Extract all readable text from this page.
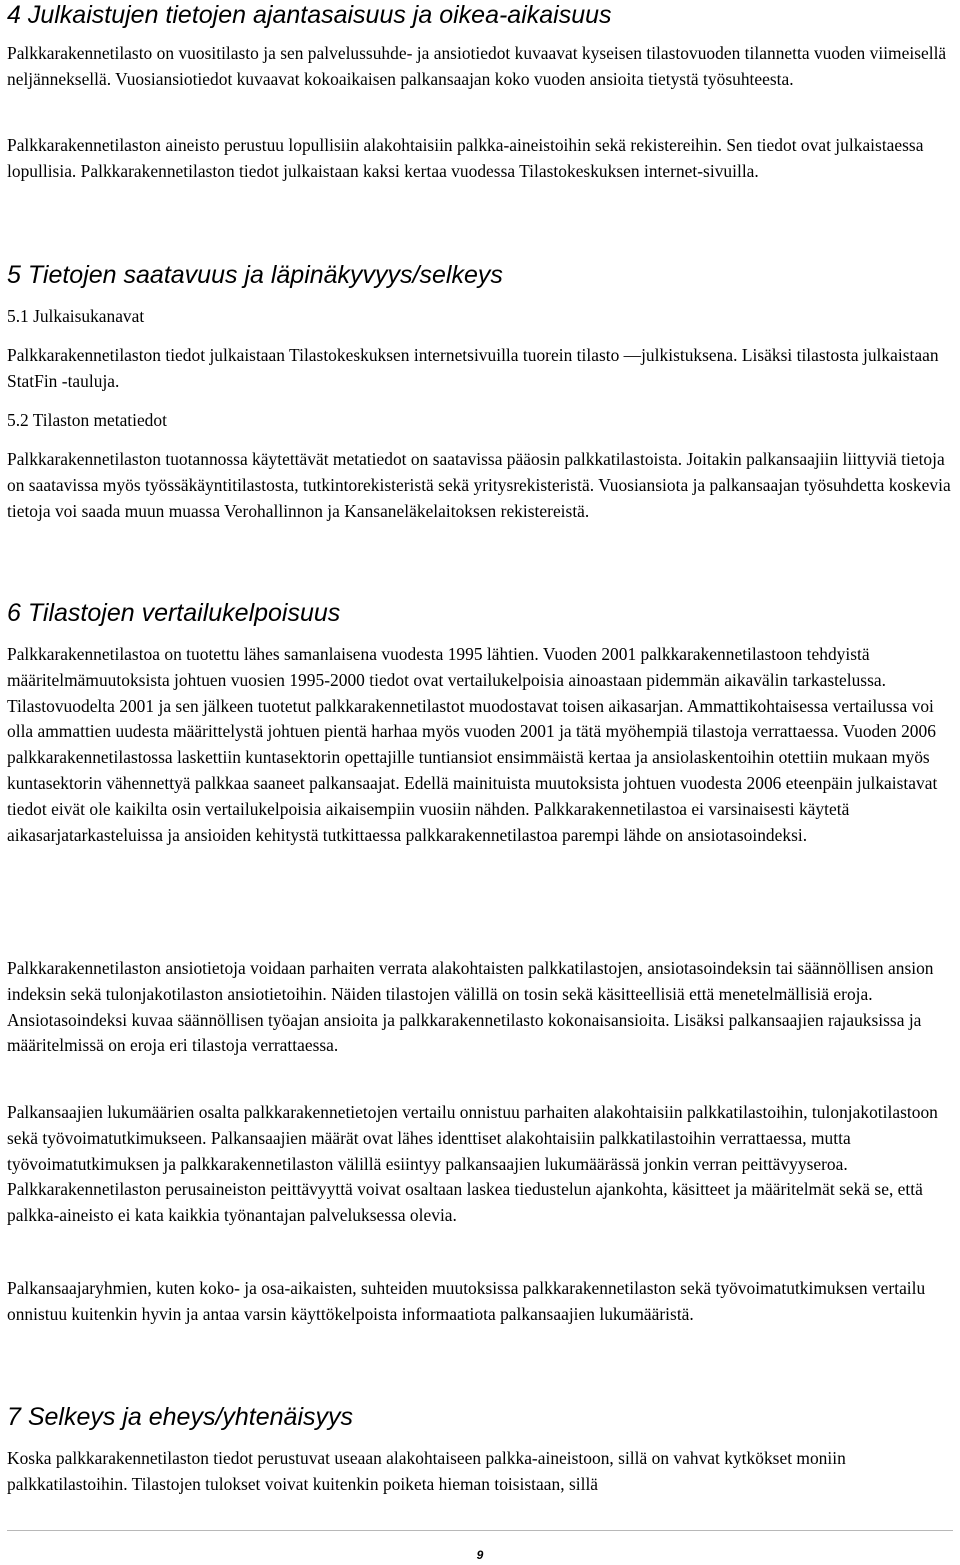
4 Julkaistujen tietojen ajantasaisuus ja oikea-aikaisuus

Palkkarakennetilasto on vuositilasto ja sen palvelussuhde- ja ansiotiedot kuvaavat kyseisen tilastovuoden tilannetta vuoden viimeisellä neljänneksellä. Vuosiansiotiedot kuvaavat kokoaikaisen palkansaajan koko vuoden ansioita tietystä työsuhteesta.

Palkkarakennetilaston aineisto perustuu lopullisiin alakohtaisiin palkka-aineistoihin sekä rekistereihin. Sen tiedot ovat julkaistaessa lopullisia. Palkkarakennetilaston tiedot julkaistaan kaksi kertaa vuodessa Tilastokeskuksen internet-sivuilla.

5 Tietojen saatavuus ja läpinäkyvyys/selkeys
5.1 Julkaisukanavat

Palkkarakennetilaston tiedot julkaistaan Tilastokeskuksen internetsivuilla tuorein tilasto —julkistuksena. Lisäksi tilastosta julkaistaan StatFin -tauluja.

5.2 Tilaston metatiedot

Palkkarakennetilaston tuotannossa käytettävät metatiedot on saatavissa pääosin palkkatilastoista. Joitakin palkansaajiin liittyviä tietoja on saatavissa myös työssäkäyntitilastosta, tutkintorekisteristä sekä yritysrekisteristä. Vuosiansiota ja palkansaajan työsuhdetta koskevia tietoja voi saada muun muassa Verohallinnon ja Kansaneläkelaitoksen rekistereistä.

6 Tilastojen vertailukelpoisuus

Palkkarakennetilastoa on tuotettu lähes samanlaisena vuodesta 1995 lähtien. Vuoden 2001 palkkarakennetilastoon tehdyistä määritelmämuutoksista johtuen vuosien 1995-2000 tiedot ovat vertailukelpoisia ainoastaan pidemmän aikavälin tarkastelussa. Tilastovuodelta 2001 ja sen jälkeen tuotetut palkkarakennetilastot muodostavat toisen aikasarjan. Ammattikohtaisessa vertailussa voi olla ammattien uudesta määrittelystä johtuen pientä harhaa myös vuoden 2001 ja tätä myöhempiä tilastoja verrattaessa. Vuoden 2006 palkkarakennetilastossa laskettiin kuntasektorin opettajille tuntiansiot ensimmäistä kertaa ja ansiolaskentoihin otettiin mukaan myös kuntasektorin vähennettyä palkkaa saaneet palkansaajat. Edellä mainituista muutoksista johtuen vuodesta 2006 eteenpäin julkaistavat tiedot eivät ole kaikilta osin vertailukelpoisia aikaisempiin vuosiin nähden. Palkkarakennetilastoa ei varsinaisesti käytetä aikasarjatarkasteluissa ja ansioiden kehitystä tutkittaessa palkkarakennetilastoa parempi lähde on ansiotasoindeksi.

Palkkarakennetilaston ansiotietoja voidaan parhaiten verrata alakohtaisten palkkatilastojen, ansiotasoindeksin tai säännöllisen ansion indeksin sekä tulonjakotilaston ansiotietoihin. Näiden tilastojen välillä on tosin sekä käsitteellisiä että menetelmällisiä eroja. Ansiotasoindeksi kuvaa säännöllisen työajan ansioita ja palkkarakennetilasto kokonaisansioita. Lisäksi palkansaajien rajauksissa ja määritelmissä on eroja eri tilastoja verrattaessa.

Palkansaajien lukumäärien osalta palkkarakennetietojen vertailu onnistuu parhaiten alakohtaisiin palkkatilastoihin, tulonjakotilastoon sekä työvoimatutkimukseen. Palkansaajien määrät ovat lähes identtiset alakohtaisiin palkkatilastoihin verrattaessa, mutta työvoimatutkimuksen ja palkkarakennetilaston välillä esiintyy palkansaajien lukumäärässä jonkin verran peittävyyseroa. Palkkarakennetilaston perusaineiston peittävyyttä voivat osaltaan laskea tiedustelun ajankohta, käsitteet ja määritelmät sekä se, että palkka-aineisto ei kata kaikkia työnantajan palveluksessa olevia.

Palkansaajaryhmien, kuten koko- ja osa-aikaisten, suhteiden muutoksissa palkkarakennetilaston sekä työvoimatutkimuksen vertailu onnistuu kuitenkin hyvin ja antaa varsin käyttökelpoista informaatiota palkansaajien lukumääristä.

7 Selkeys ja eheys/yhtenäisyys

Koska palkkarakennetilaston tiedot perustuvat useaan alakohtaiseen palkka-aineistoon, sillä on vahvat kytkökset moniin palkkatilastoihin. Tilastojen tulokset voivat kuitenkin poiketa hieman toisistaan, sillä

9
